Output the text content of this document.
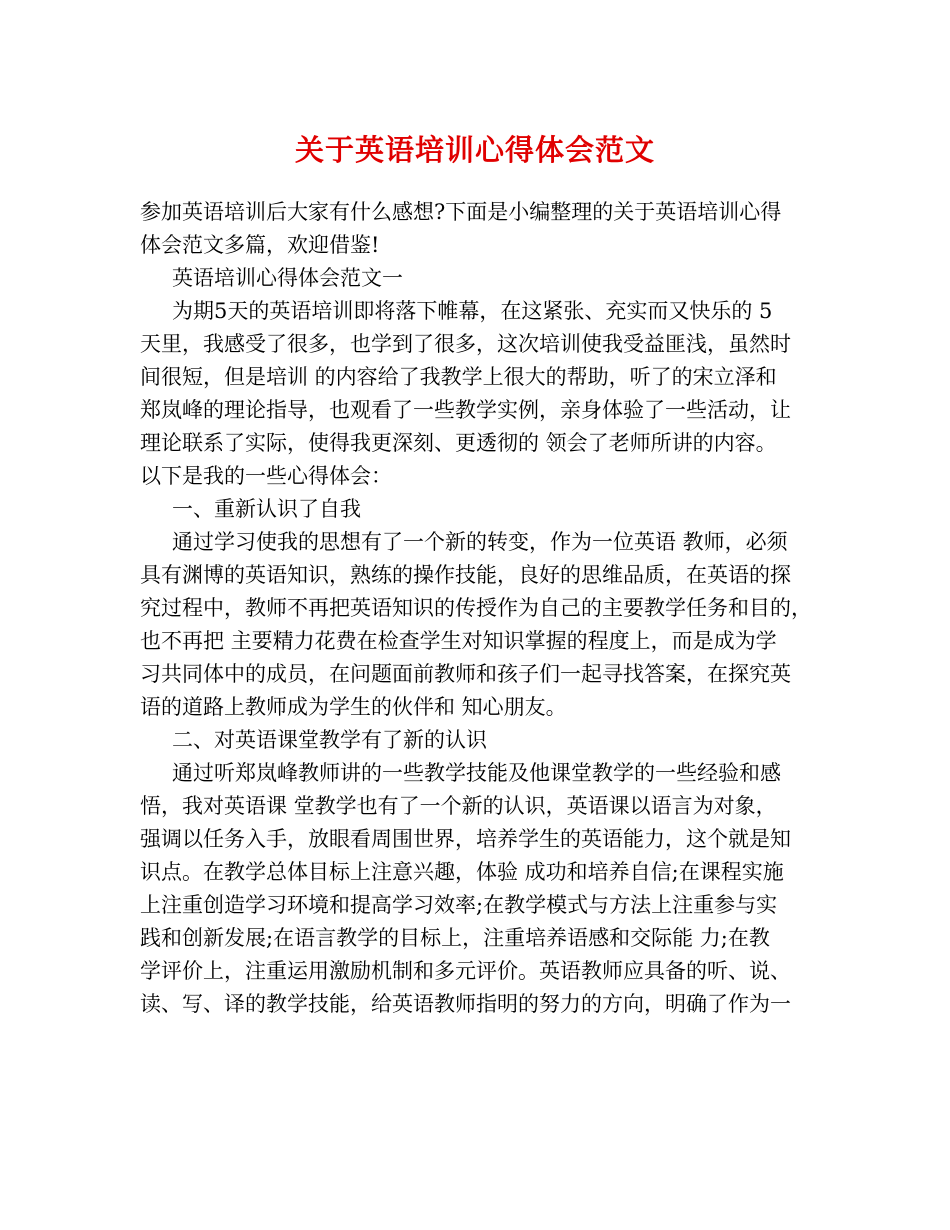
关于英语培训心得体会范文
参加英语培训后大家有什么感想?下面是小编整理的关于英语培训心得
体会范文多篇，欢迎借鉴!
英语培训心得体会范文一
为期5天的英语培训即将落下帷幕，在这紧张、充实而又快乐的 5
天里，我感受了很多，也学到了很多，这次培训使我受益匪浅，虽然时
间很短，但是培训 的内容给了我教学上很大的帮助，听了的宋立泽和
郑岚峰的理论指导，也观看了一些教学实例，亲身体验了一些活动，让
理论联系了实际，使得我更深刻、更透彻的 领会了老师所讲的内容。
以下是我的一些心得体会：
一、重新认识了自我
通过学习使我的思想有了一个新的转变，作为一位英语 教师，必须
具有渊博的英语知识，熟练的操作技能，良好的思维品质，在英语的探
究过程中，教师不再把英语知识的传授作为自己的主要教学任务和目的，
也不再把 主要精力花费在检查学生对知识掌握的程度上，而是成为学
习共同体中的成员，在问题面前教师和孩子们一起寻找答案，在探究英
语的道路上教师成为学生的伙伴和 知心朋友。
二、对英语课堂教学有了新的认识
通过听郑岚峰教师讲的一些教学技能及他课堂教学的一些经验和感
悟，我对英语课 堂教学也有了一个新的认识，英语课以语言为对象，
强调以任务入手，放眼看周围世界，培养学生的英语能力，这个就是知
识点。在教学总体目标上注意兴趣，体验 成功和培养自信;在课程实施
上注重创造学习环境和提高学习效率;在教学模式与方法上注重参与实
践和创新发展;在语言教学的目标上，注重培养语感和交际能 力;在教
学评价上，注重运用激励机制和多元评价。英语教师应具备的听、说、
读、写、译的教学技能，给英语教师指明的努力的方向，明确了作为一
